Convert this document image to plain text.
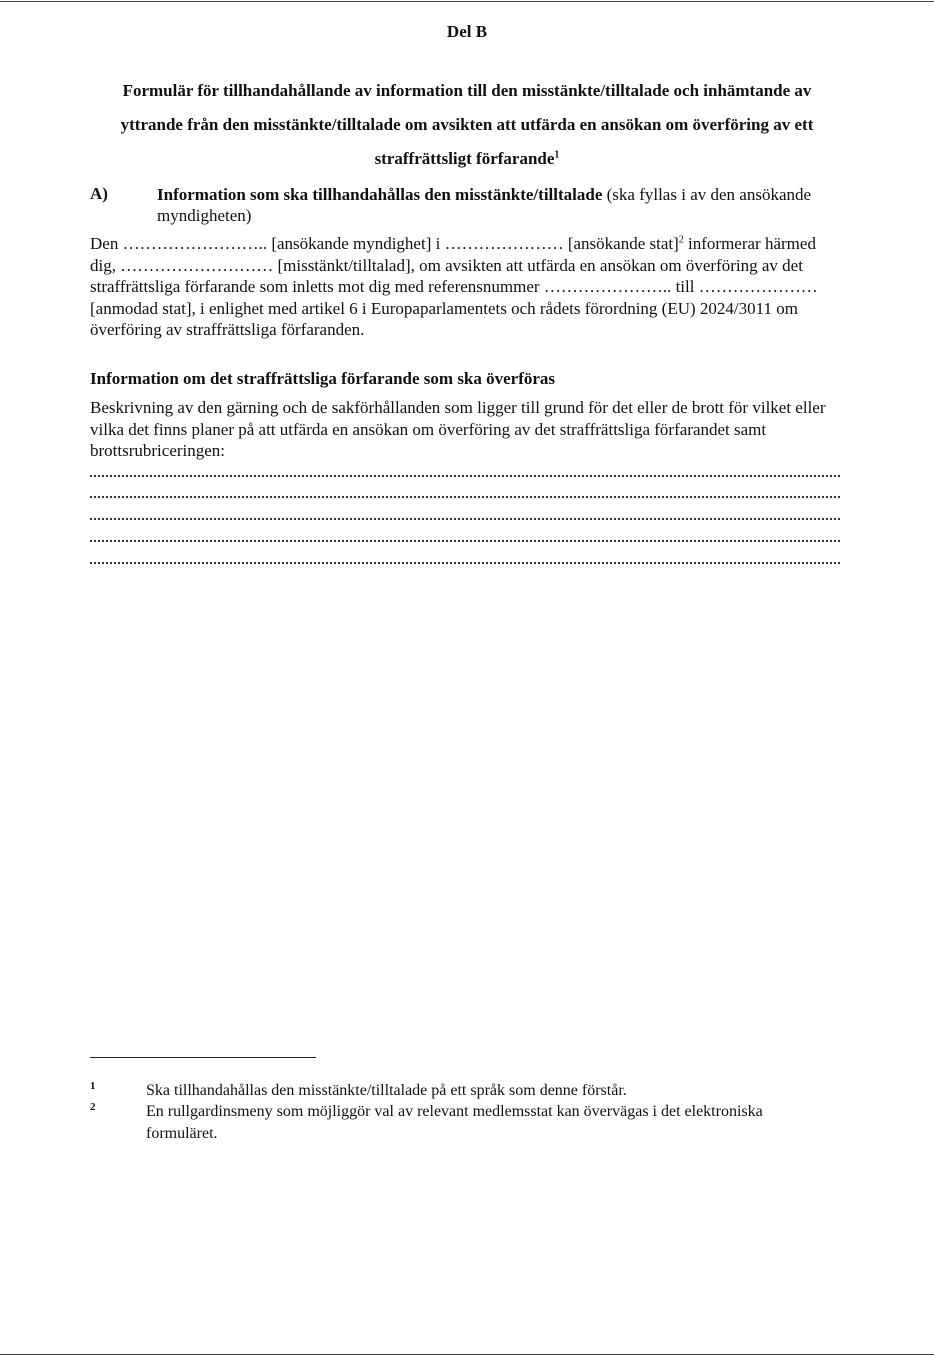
Del B
Formulär för tillhandahållande av information till den misstänkte/tilltalade och inhämtande av yttrande från den misstänkte/tilltalade om avsikten att utfärda en ansökan om överföring av ett straffrättsligt förfarande$^1$
A)	Information som ska tillhandahållas den misstänkte/tilltalade (ska fyllas i av den ansökande myndigheten)
Den …………………….. [ansökande myndighet] i ………………… [ansökande stat]$^2$ informerar härmed dig, ……………………… [misstänkt/tilltalad], om avsikten att utfärda en ansökan om överföring av det straffrättsliga förfarande som inletts mot dig med referensnummer ………………….. till ………………… [anmodad stat], i enlighet med artikel 6 i Europaparlamentets och rådets förordning (EU) 2024/3011 om överföring av straffrättsliga förfaranden.
Information om det straffrättsliga förfarande som ska överföras
Beskrivning av den gärning och de sakförhållanden som ligger till grund för det eller de brott för vilket eller vilka det finns planer på att utfärda en ansökan om överföring av det straffrättsliga förfarandet samt brottsrubriceringen:
1	Ska tillhandahållas den misstänkte/tilltalade på ett språk som denne förstår.
2	En rullgardinsmeny som möjliggör val av relevant medlemsstat kan övervägas i det elektroniska formuläret.
